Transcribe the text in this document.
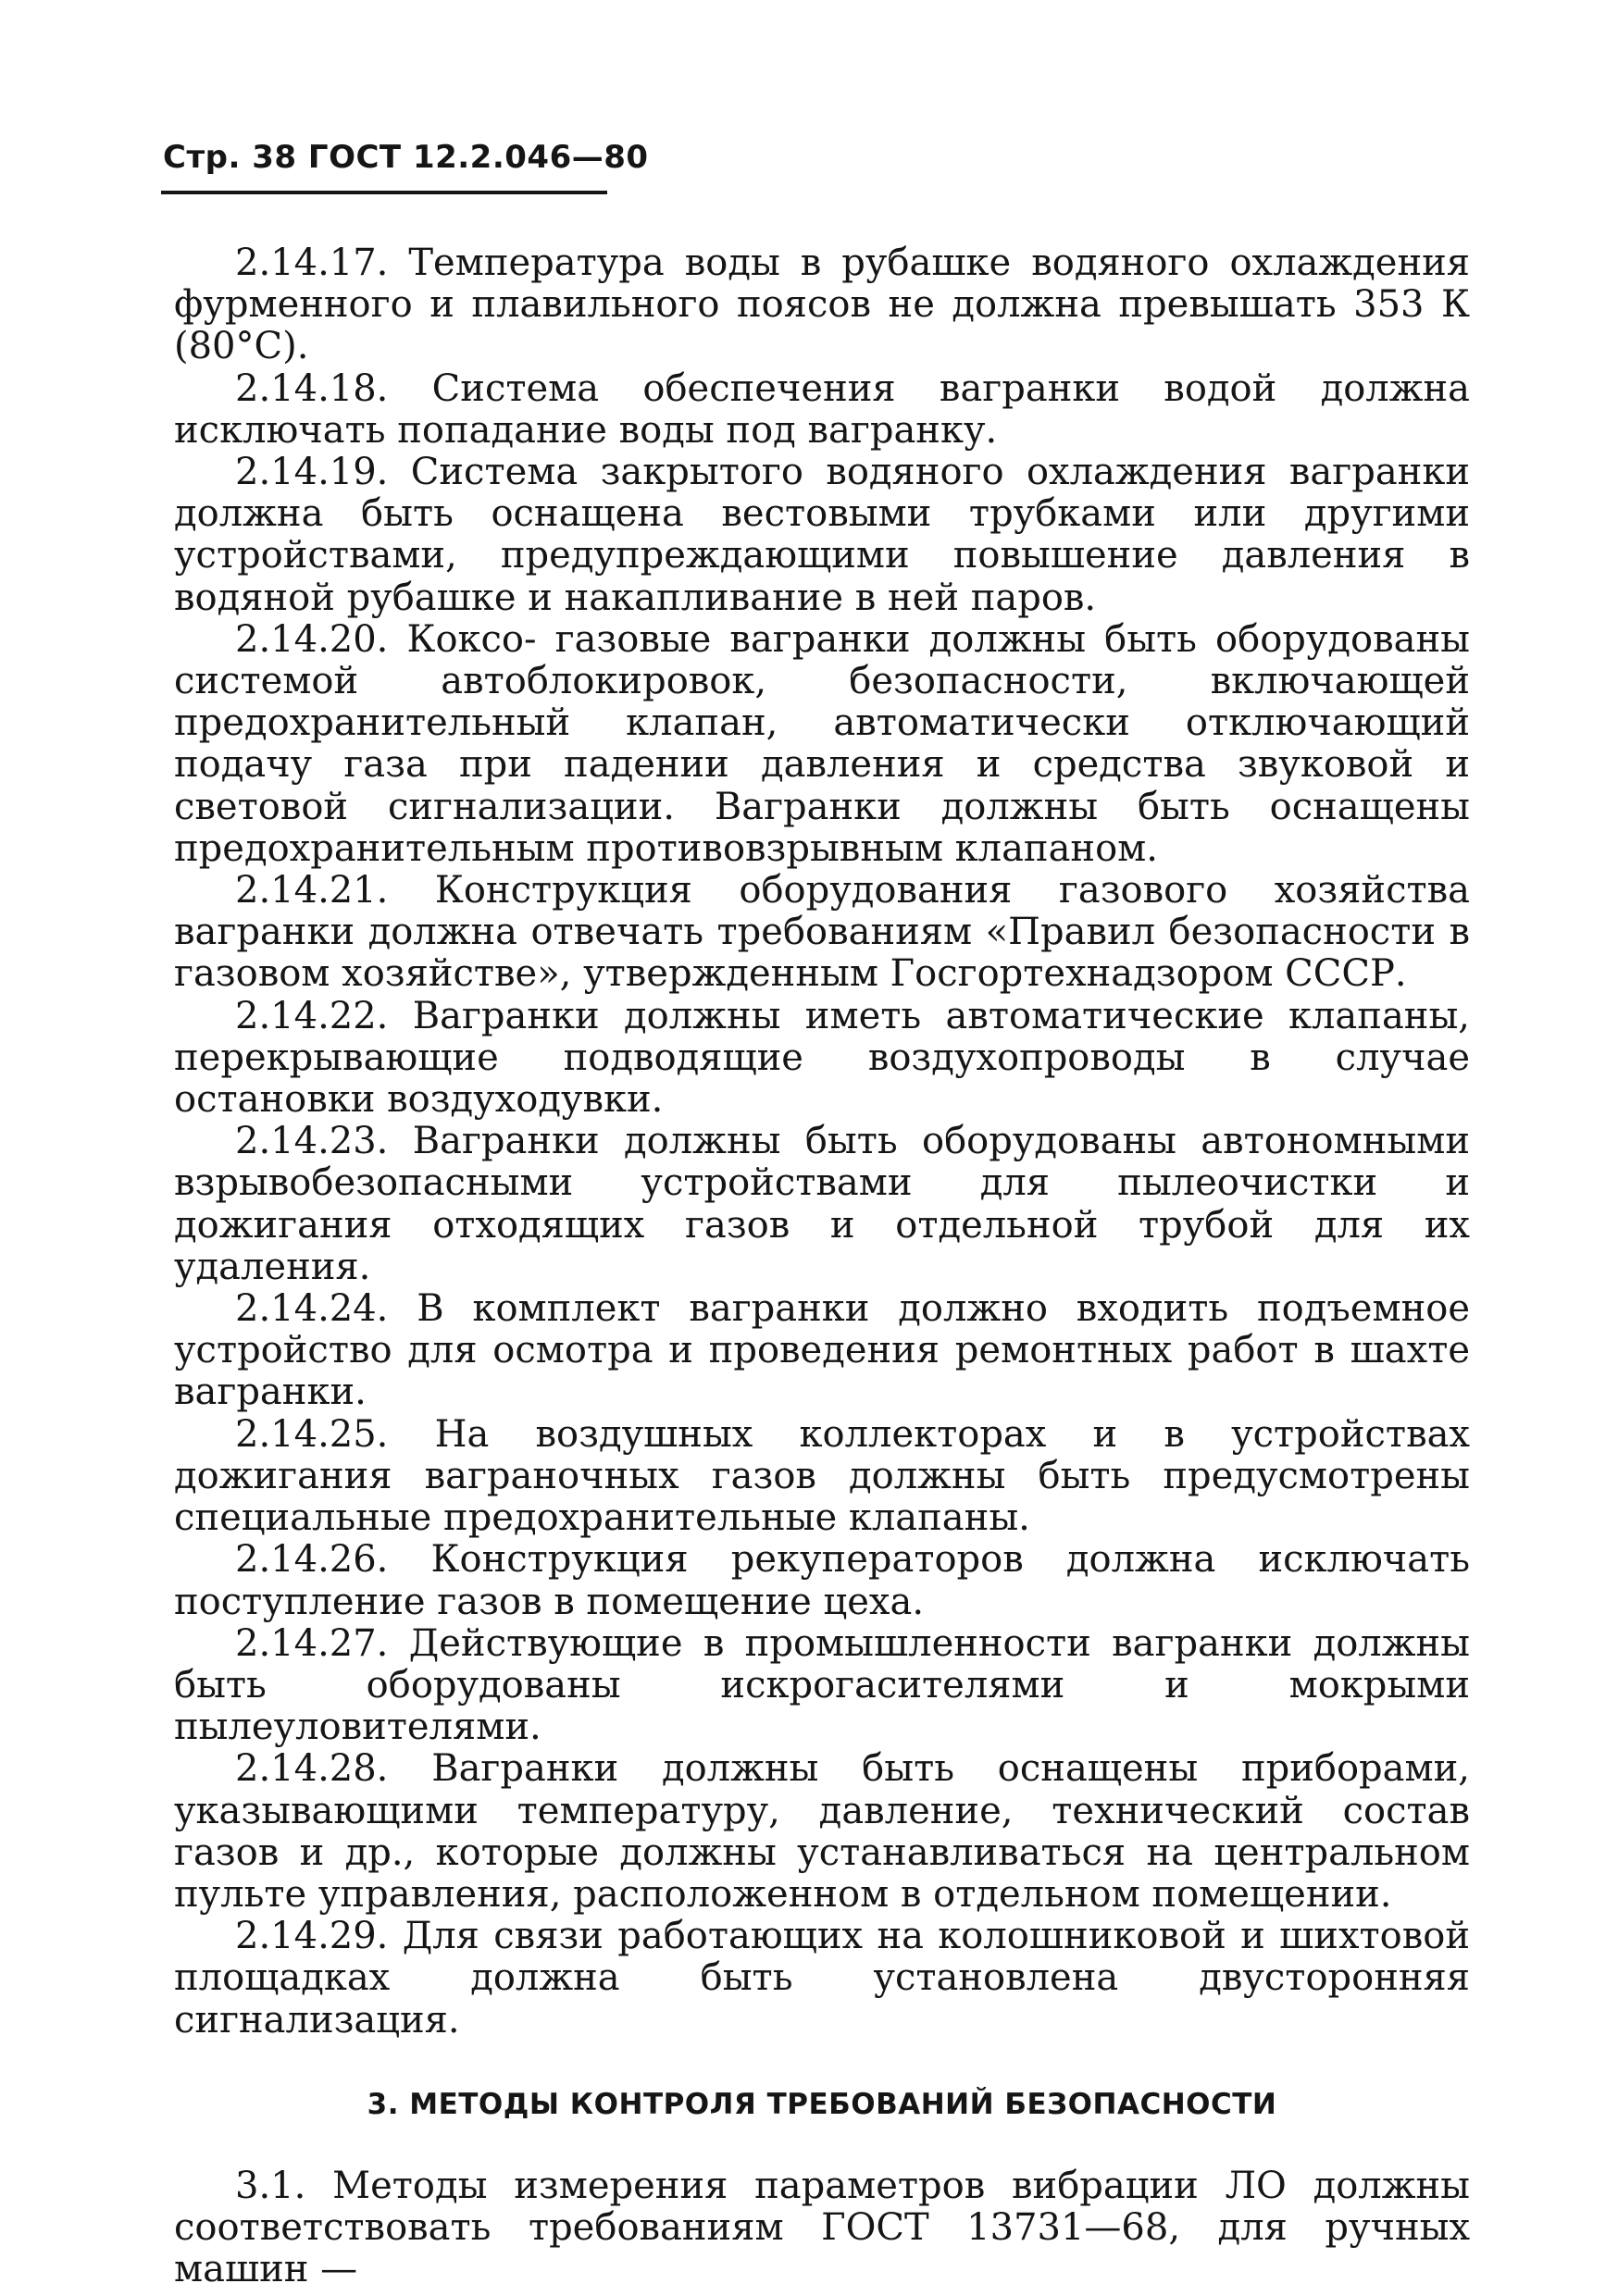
Стр. 38 ГОСТ 12.2.046—80

2.14.17. Температура воды в рубашке водяного охлаждения фурменного и плавильного поясов не должна превышать 353 К (80°С).

2.14.18. Система обеспечения вагранки водой должна исключать попадание воды под вагранку.

2.14.19. Система закрытого водяного охлаждения вагранки должна быть оснащена вестовыми трубками или другими устройствами, предупреждающими повышение давления в водяной рубашке и накапливание в ней паров.

2.14.20. Коксо- газовые вагранки должны быть оборудованы системой автоблокировок, безопасности, включающей предохранительный клапан, автоматически отключающий подачу газа при падении давления и средства звуковой и световой сигнализации. Вагранки должны быть оснащены предохранительным противовзрывным клапаном.

2.14.21. Конструкция оборудования газового хозяйства вагранки должна отвечать требованиям «Правил безопасности в газовом хозяйстве», утвержденным Госгортехнадзором СССР.

2.14.22. Вагранки должны иметь автоматические клапаны, перекрывающие подводящие воздухопроводы в случае остановки воздуходувки.

2.14.23. Вагранки должны быть оборудованы автономными взрывобезопасными устройствами для пылеочистки и дожигания отходящих газов и отдельной трубой для их удаления.

2.14.24. В комплект вагранки должно входить подъемное устройство для осмотра и проведения ремонтных работ в шахте вагранки.

2.14.25. На воздушных коллекторах и в устройствах дожигания ваграночных газов должны быть предусмотрены специальные предохранительные клапаны.

2.14.26. Конструкция рекуператоров должна исключать поступление газов в помещение цеха.

2.14.27. Действующие в промышленности вагранки должны быть оборудованы искрогасителями и мокрыми пылеуловителями.

2.14.28. Вагранки должны быть оснащены приборами, указывающими температуру, давление, технический состав газов и др., которые должны устанавливаться на центральном пульте управления, расположенном в отдельном помещении.

2.14.29. Для связи работающих на колошниковой и шихтовой площадках должна быть установлена двусторонняя сигнализация.

3. МЕТОДЫ КОНТРОЛЯ ТРЕБОВАНИЙ БЕЗОПАСНОСТИ

3.1. Методы измерения параметров вибрации ЛО должны соответствовать требованиям ГОСТ 13731—68, для ручных машин —
